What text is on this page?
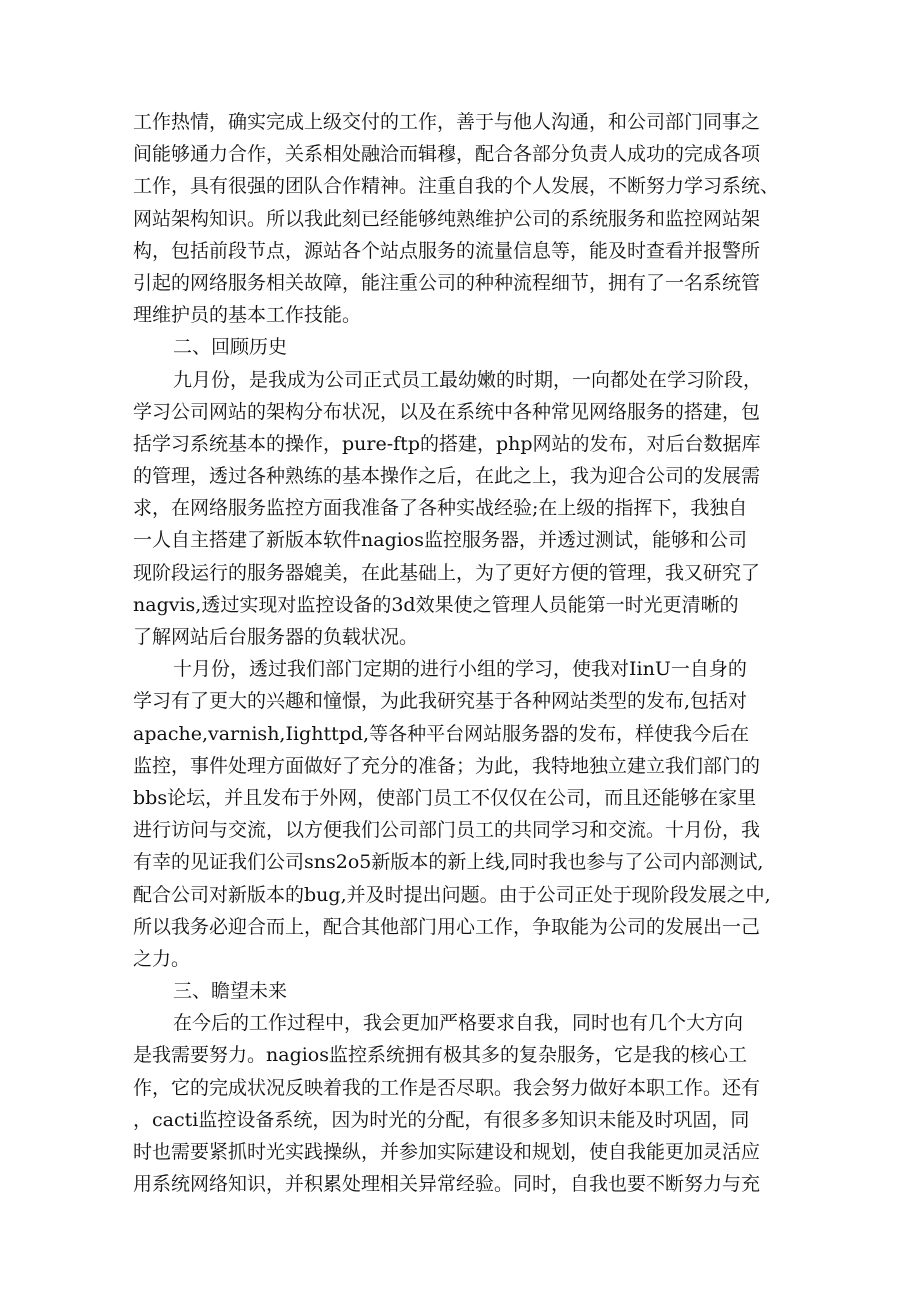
工作热情，确实完成上级交付的工作，善于与他人沟通，和公司部门同事之
间能够通力合作，关系相处融洽而辑穆，配合各部分负责人成功的完成各项
工作，具有很强的团队合作精神。注重自我的个人发展，不断努力学习系统、
网站架构知识。所以我此刻已经能够纯熟维护公司的系统服务和监控网站架
构，包括前段节点，源站各个站点服务的流量信息等，能及时查看并报警所
引起的网络服务相关故障，能注重公司的种种流程细节，拥有了一名系统管
理维护员的基本工作技能。
二、回顾历史
九月份，是我成为公司正式员工最幼嫩的时期，一向都处在学习阶段，
学习公司网站的架构分布状况，以及在系统中各种常见网络服务的搭建，包
括学习系统基本的操作，pure-ftp的搭建，php网站的发布，对后台数据库
的管理，透过各种熟练的基本操作之后，在此之上，我为迎合公司的发展需
求，在网络服务监控方面我准备了各种实战经验;在上级的指挥下，我独自
一人自主搭建了新版本软件nagios监控服务器，并透过测试，能够和公司
现阶段运行的服务器媲美，在此基础上，为了更好方便的管理，我又研究了
nagvis,透过实现对监控设备的3d效果使之管理人员能第一时光更清晰的
了解网站后台服务器的负载状况。
十月份，透过我们部门定期的进行小组的学习，使我对IinU一自身的
学习有了更大的兴趣和憧憬，为此我研究基于各种网站类型的发布,包括对
apache,varnish,Iighttpd,等各种平台网站服务器的发布，样使我今后在
监控，事件处理方面做好了充分的准备；为此，我特地独立建立我们部门的
bbs论坛，并且发布于外网，使部门员工不仅仅在公司，而且还能够在家里
进行访问与交流，以方便我们公司部门员工的共同学习和交流。十月份，我
有幸的见证我们公司sns2o5新版本的新上线,同时我也参与了公司内部测试,
配合公司对新版本的bug,并及时提出问题。由于公司正处于现阶段发展之中,
所以我务必迎合而上，配合其他部门用心工作，争取能为公司的发展出一己
之力。
三、瞻望未来
在今后的工作过程中，我会更加严格要求自我，同时也有几个大方向
是我需要努力。nagios监控系统拥有极其多的复杂服务，它是我的核心工
作，它的完成状况反映着我的工作是否尽职。我会努力做好本职工作。还有
，cacti监控设备系统，因为时光的分配，有很多多知识未能及时巩固，同
时也需要紧抓时光实践操纵，并参加实际建设和规划，使自我能更加灵活应
用系统网络知识，并积累处理相关异常经验。同时，自我也要不断努力与充
